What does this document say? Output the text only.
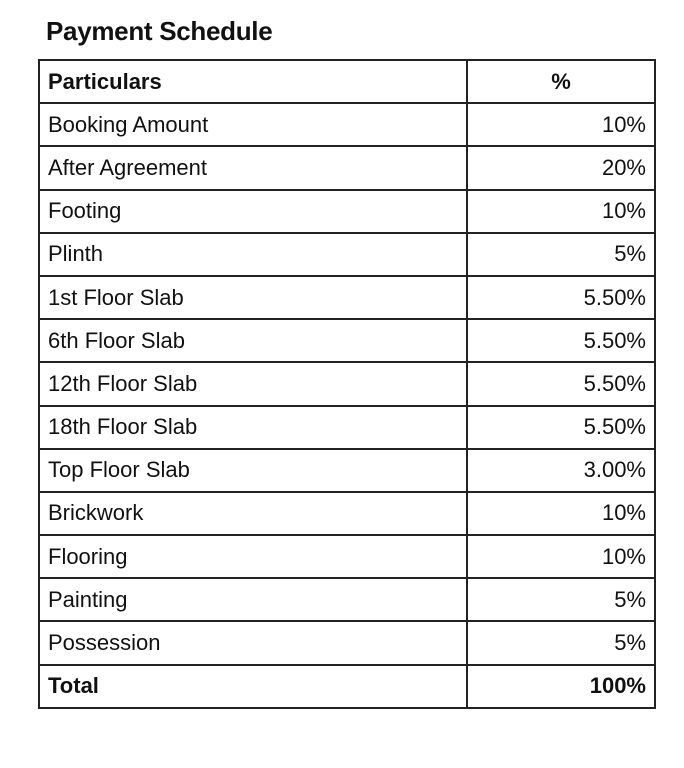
Payment Schedule
Particulars	%
Booking Amount	10%
After Agreement	20%
Footing	10%
Plinth	5%
1st Floor Slab	5.50%
6th Floor Slab	5.50%
12th Floor Slab	5.50%
18th Floor Slab	5.50%
Top Floor Slab	3.00%
Brickwork	10%
Flooring	10%
Painting	5%
Possession	5%
Total	100%
